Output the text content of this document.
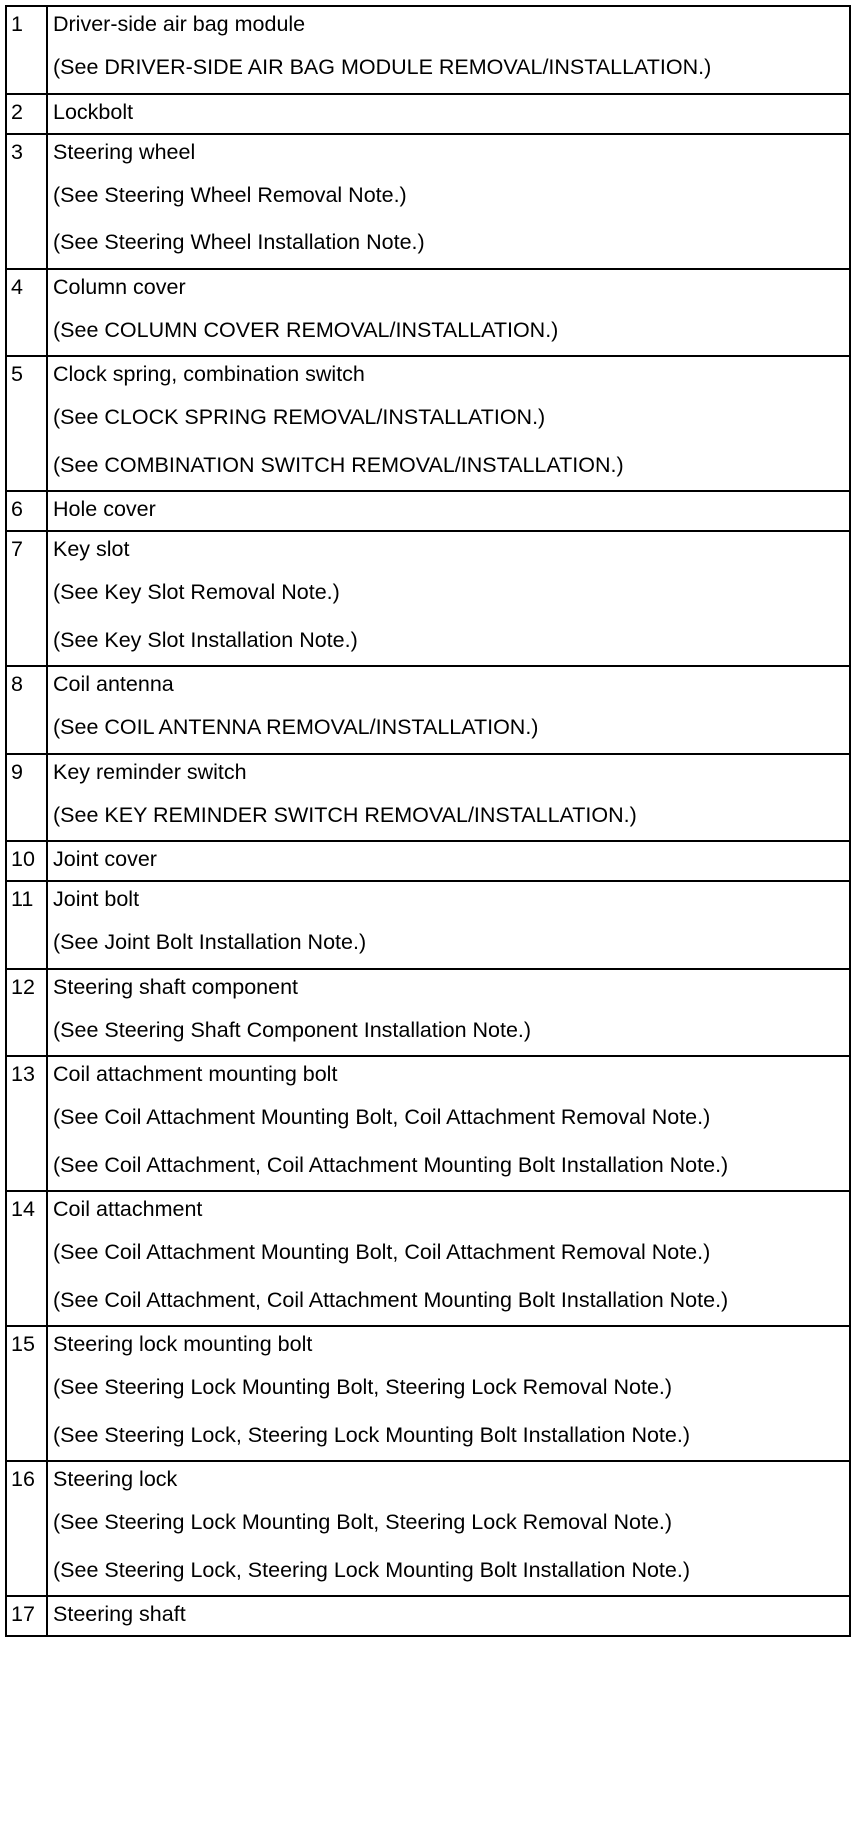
1	Driver-side air bag module
(See DRIVER-SIDE AIR BAG MODULE REMOVAL/INSTALLATION.)

2	Lockbolt

3	Steering wheel
(See Steering Wheel Removal Note.)
(See Steering Wheel Installation Note.)

4	Column cover
(See COLUMN COVER REMOVAL/INSTALLATION.)

5	Clock spring, combination switch
(See CLOCK SPRING REMOVAL/INSTALLATION.)
(See COMBINATION SWITCH REMOVAL/INSTALLATION.)

6	Hole cover

7	Key slot
(See Key Slot Removal Note.)
(See Key Slot Installation Note.)

8	Coil antenna
(See COIL ANTENNA REMOVAL/INSTALLATION.)

9	Key reminder switch
(See KEY REMINDER SWITCH REMOVAL/INSTALLATION.)

10	Joint cover

11	Joint bolt
(See Joint Bolt Installation Note.)

12	Steering shaft component
(See Steering Shaft Component Installation Note.)

13	Coil attachment mounting bolt
(See Coil Attachment Mounting Bolt, Coil Attachment Removal Note.)
(See Coil Attachment, Coil Attachment Mounting Bolt Installation Note.)

14	Coil attachment
(See Coil Attachment Mounting Bolt, Coil Attachment Removal Note.)
(See Coil Attachment, Coil Attachment Mounting Bolt Installation Note.)

15	Steering lock mounting bolt
(See Steering Lock Mounting Bolt, Steering Lock Removal Note.)
(See Steering Lock, Steering Lock Mounting Bolt Installation Note.)

16	Steering lock
(See Steering Lock Mounting Bolt, Steering Lock Removal Note.)
(See Steering Lock, Steering Lock Mounting Bolt Installation Note.)

17	Steering shaft
